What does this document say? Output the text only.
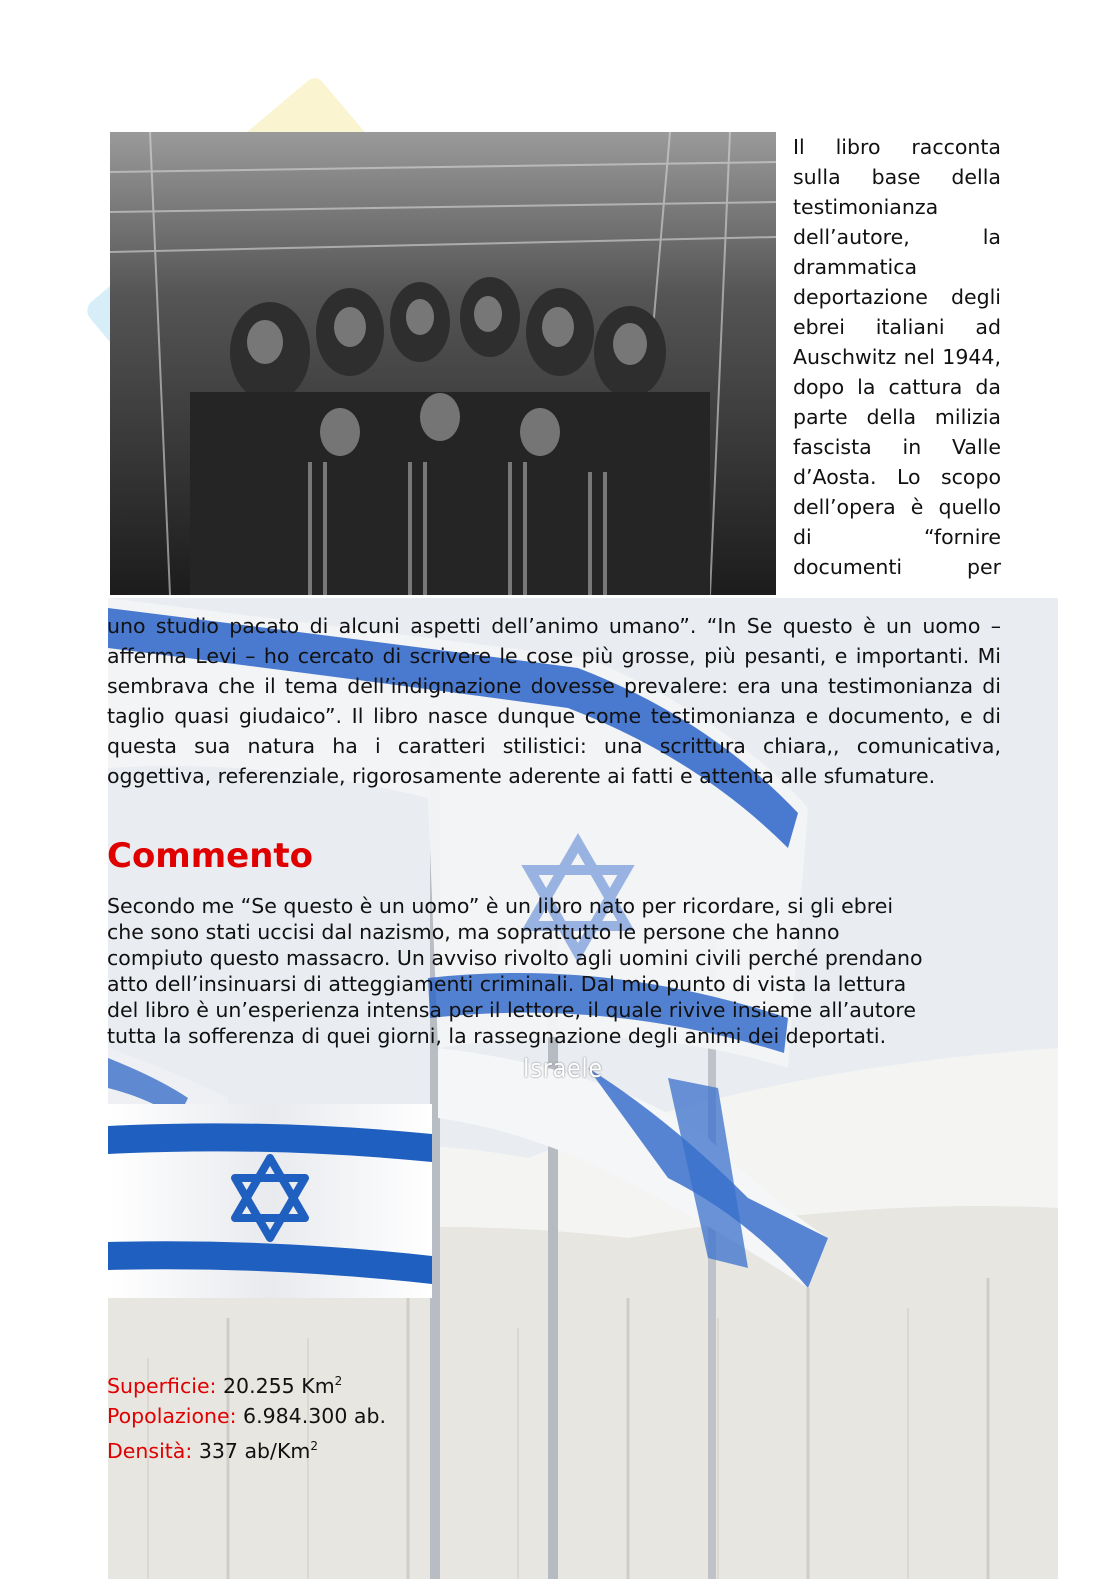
Il libro racconta sulla base della testimonianza dell’autore, la drammatica deportazione degli ebrei italiani ad Auschwitz nel 1944, dopo la cattura da parte della milizia fascista in Valle d’Aosta. Lo scopo dell’opera è quello di “fornire documenti per

uno studio pacato di alcuni aspetti dell’animo umano”. “In Se questo è un uomo – afferma Levi – ho cercato di scrivere le cose più grosse, più pesanti, e importanti. Mi sembrava che il tema dell’indignazione dovesse prevalere: era una testimonianza di taglio quasi giudaico”. Il libro nasce dunque come testimonianza e documento, e di questa sua natura ha i caratteri stilistici: una scrittura chiara,, comunicativa, oggettiva, referenziale, rigorosamente aderente ai fatti e attenta alle sfumature.

Commento
Secondo me “Se questo è un uomo” è un libro nato per ricordare, si gli ebrei
che sono stati uccisi dal nazismo, ma soprattutto le persone che hanno
compiuto questo massacro. Un avviso rivolto agli uomini civili perché prendano
atto dell’insinuarsi di atteggiamenti criminali. Dal mio punto di vista la lettura
del libro è un’esperienza intensa per il lettore, il quale rivive insieme all’autore
tutta la sofferenza di quei giorni, la rassegnazione degli animi dei deportati.
Israele
Superficie: 20.255 Km$^2$
Popolazione: 6.984.300 ab.
Densità: 337 ab/Km$^2$
